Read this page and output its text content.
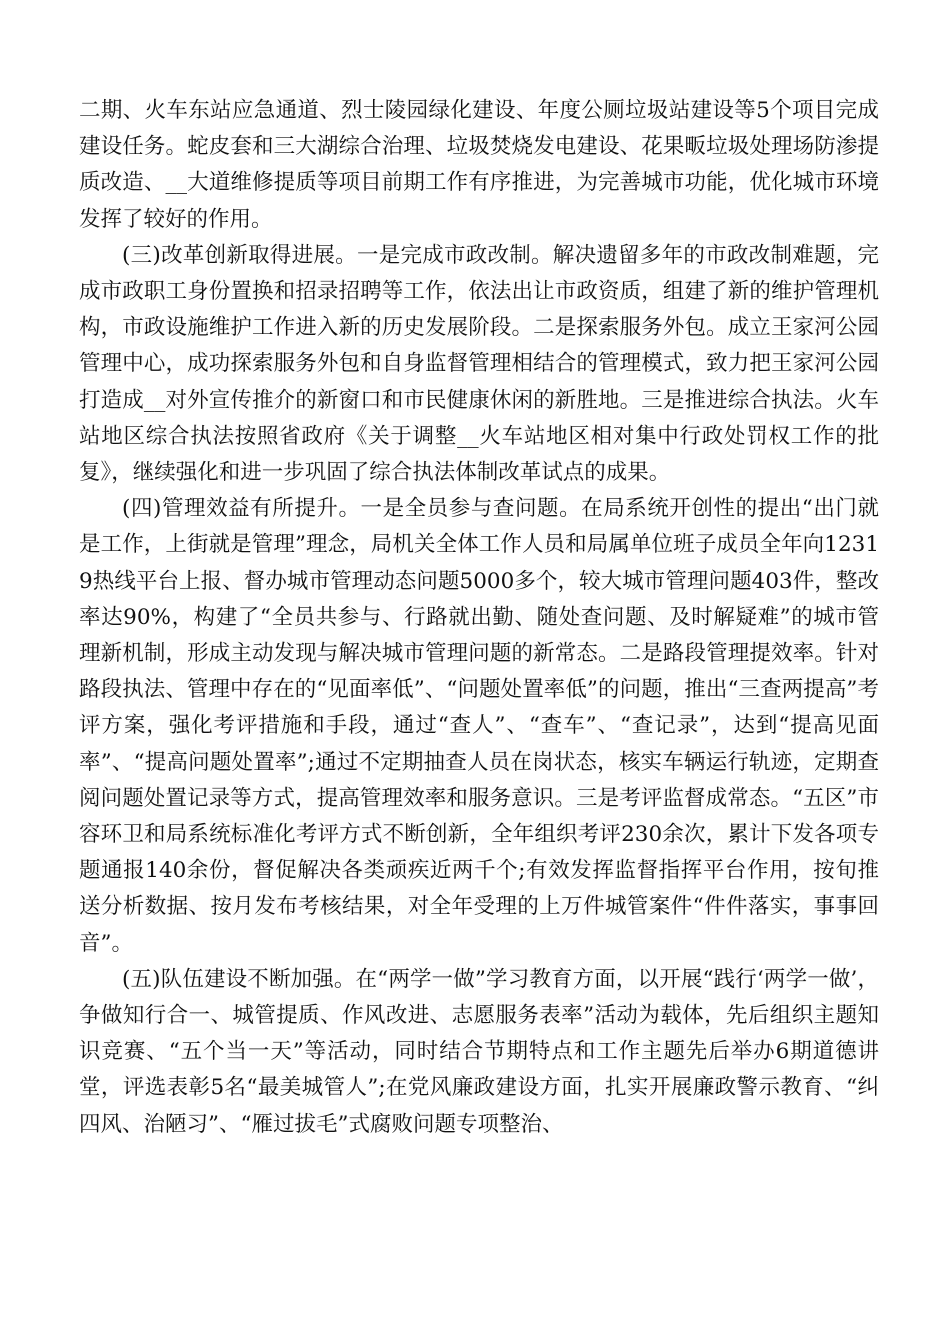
二期、火车东站应急通道、烈士陵园绿化建设、年度公厕垃圾站建设等5个项目完成建设任务。蛇皮套和三大湖综合治理、垃圾焚烧发电建设、花果畈垃圾处理场防渗提质改造、__大道维修提质等项目前期工作有序推进，为完善城市功能，优化城市环境发挥了较好的作用。

(三)改革创新取得进展。一是完成市政改制。解决遗留多年的市政改制难题，完成市政职工身份置换和招录招聘等工作，依法出让市政资质，组建了新的维护管理机构，市政设施维护工作进入新的历史发展阶段。二是探索服务外包。成立王家河公园管理中心，成功探索服务外包和自身监督管理相结合的管理模式，致力把王家河公园打造成__对外宣传推介的新窗口和市民健康休闲的新胜地。三是推进综合执法。火车站地区综合执法按照省政府《关于调整__火车站地区相对集中行政处罚权工作的批复》，继续强化和进一步巩固了综合执法体制改革试点的成果。

(四)管理效益有所提升。一是全员参与查问题。在局系统开创性的提出“出门就是工作，上街就是管理”理念，局机关全体工作人员和局属单位班子成员全年向12319热线平台上报、督办城市管理动态问题5000多个，较大城市管理问题403件，整改率达90%，构建了“全员共参与、行路就出勤、随处查问题、及时解疑难”的城市管理新机制，形成主动发现与解决城市管理问题的新常态。二是路段管理提效率。针对路段执法、管理中存在的“见面率低”、“问题处置率低”的问题，推出“三查两提高”考评方案，强化考评措施和手段，通过“查人”、“查车”、“查记录”，达到“提高见面率”、“提高问题处置率”;通过不定期抽查人员在岗状态，核实车辆运行轨迹，定期查阅问题处置记录等方式，提高管理效率和服务意识。三是考评监督成常态。“五区”市容环卫和局系统标准化考评方式不断创新，全年组织考评230余次，累计下发各项专题通报140余份，督促解决各类顽疾近两千个;有效发挥监督指挥平台作用，按旬推送分析数据、按月发布考核结果，对全年受理的上万件城管案件“件件落实，事事回音”。

(五)队伍建设不断加强。在“两学一做”学习教育方面，以开展“践行‘两学一做’，争做知行合一、城管提质、作风改进、志愿服务表率”活动为载体，先后组织主题知识竞赛、“五个当一天”等活动，同时结合节期特点和工作主题先后举办6期道德讲堂，评选表彰5名“最美城管人”;在党风廉政建设方面，扎实开展廉政警示教育、“纠四风、治陋习”、“雁过拔毛”式腐败问题专项整治、
